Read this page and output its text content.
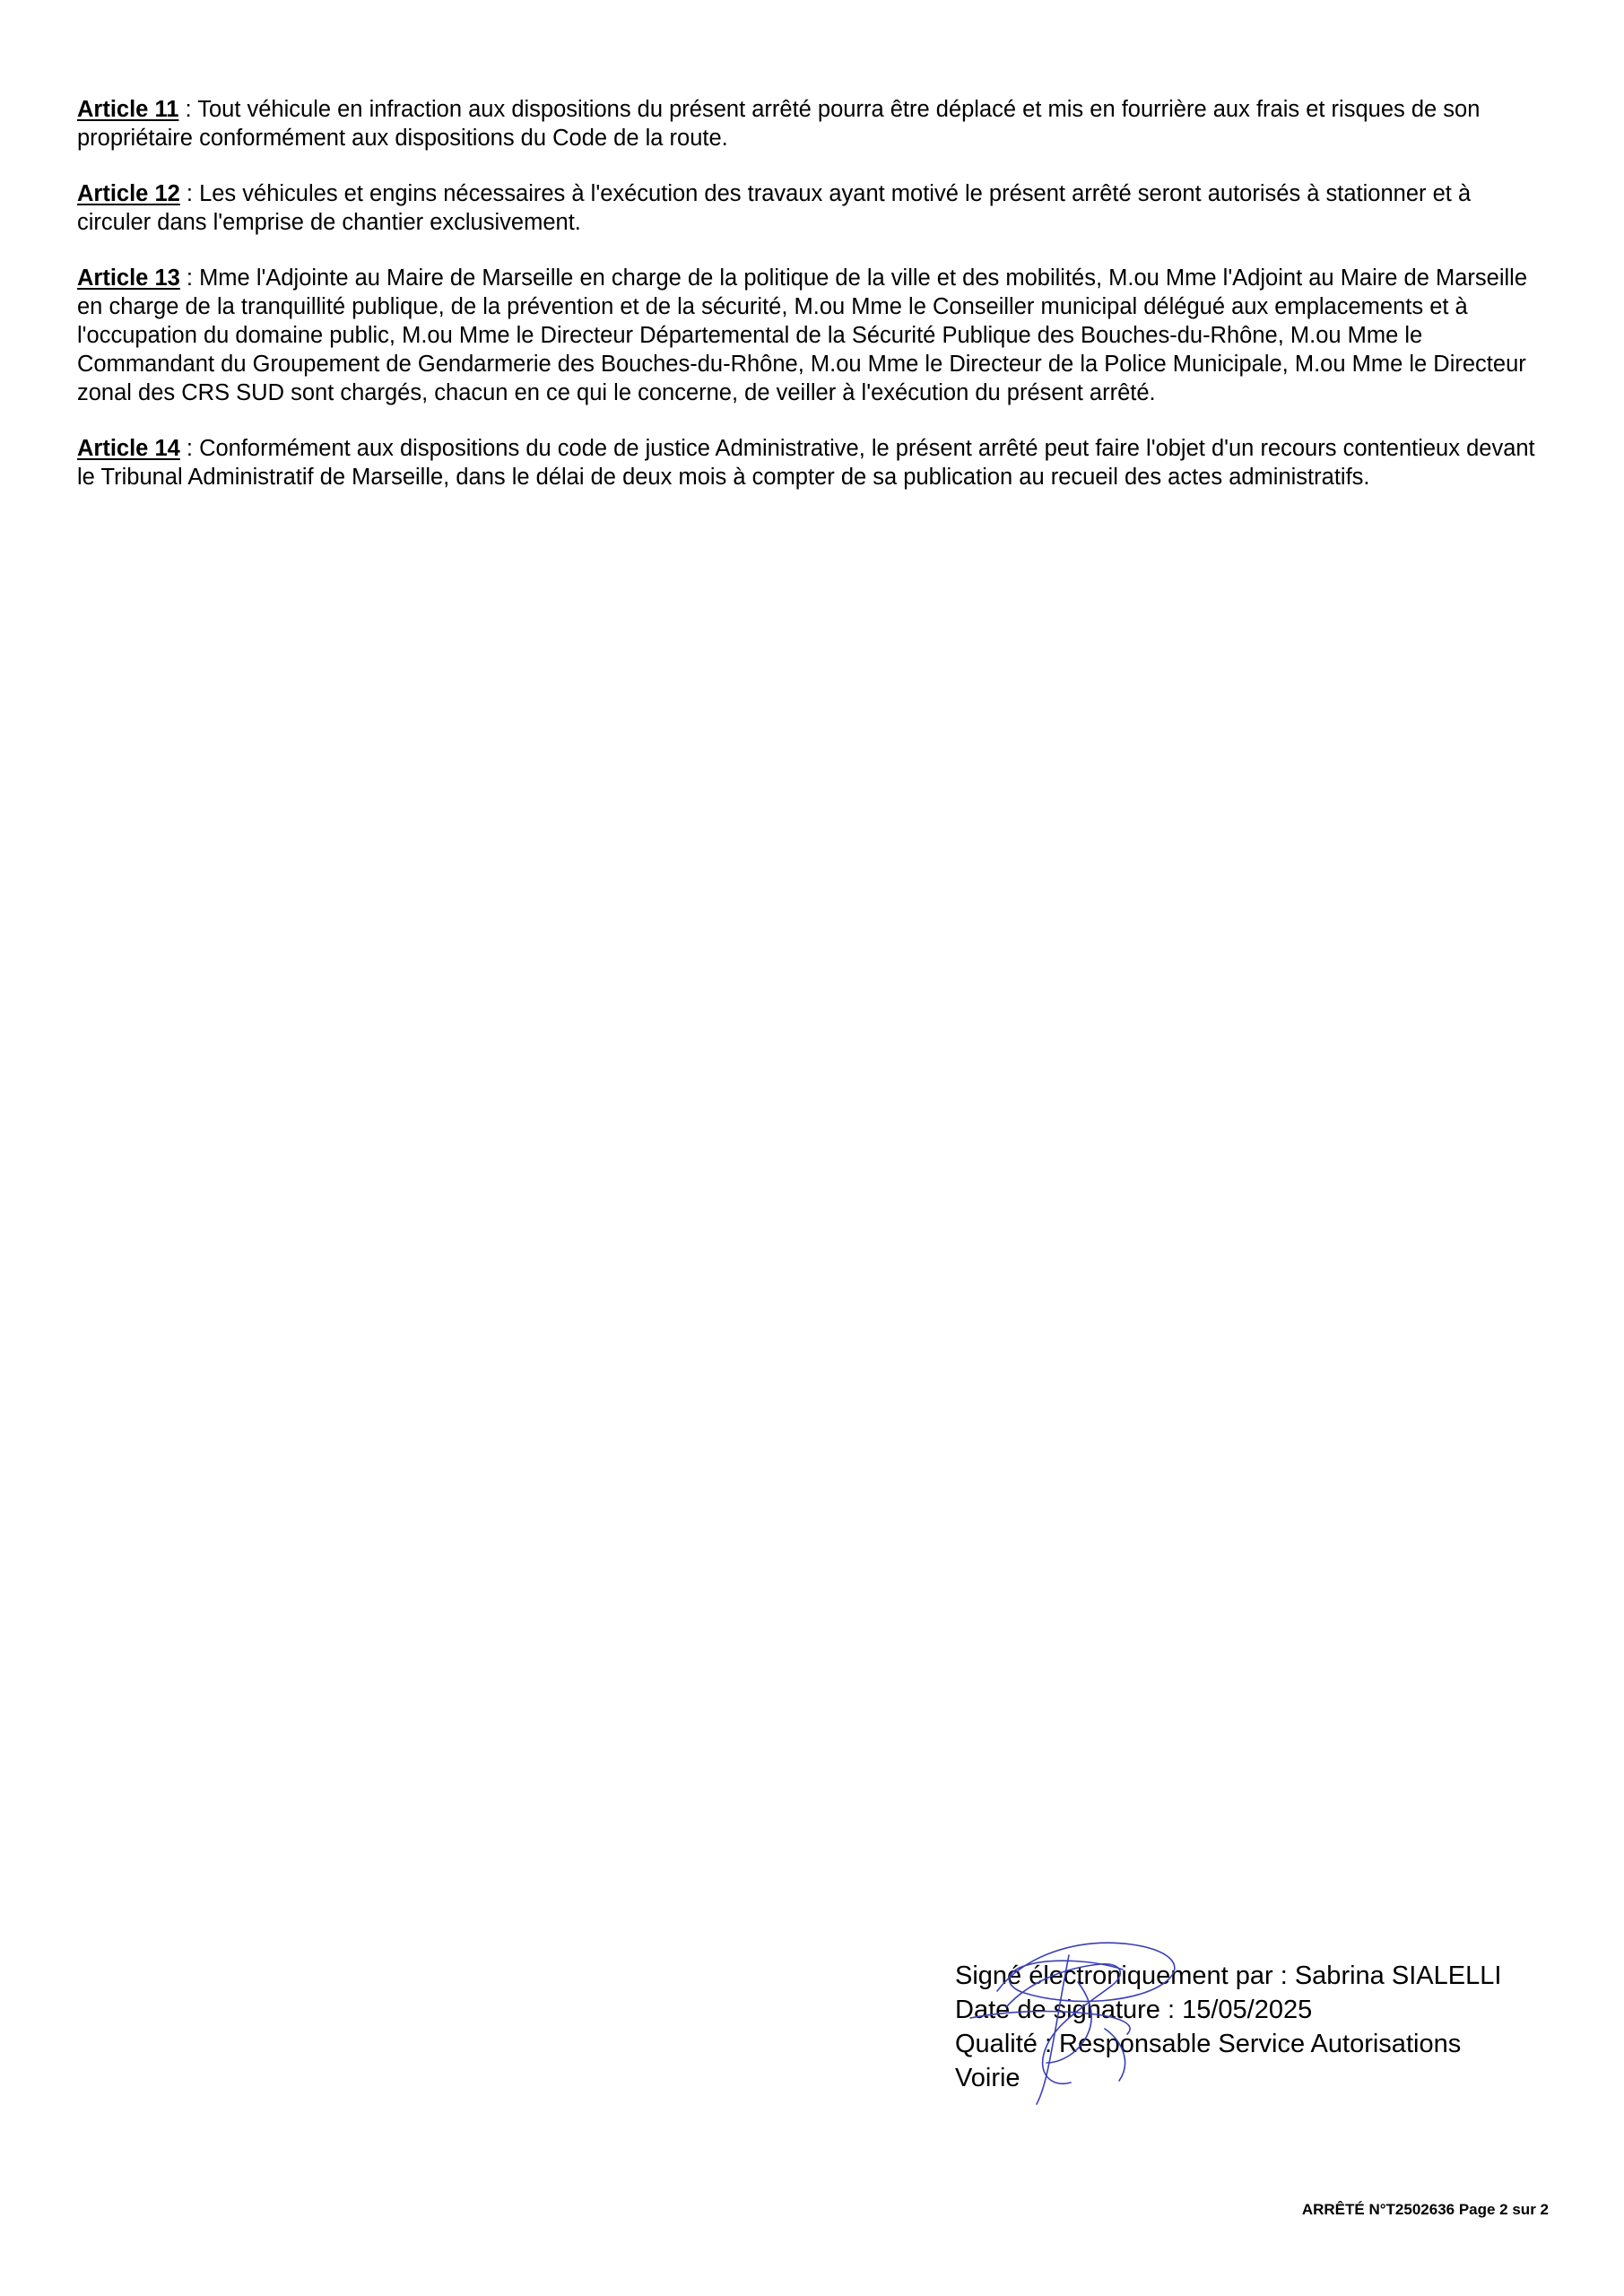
Article 11 : Tout véhicule en infraction aux dispositions du présent arrêté pourra être déplacé et mis en fourrière aux frais et risques de son propriétaire conformément aux dispositions du Code de la route.

Article 12 : Les véhicules et engins nécessaires à l'exécution des travaux ayant motivé le présent arrêté seront autorisés à stationner et à circuler dans l'emprise de chantier exclusivement.

Article 13 : Mme l'Adjointe au Maire de Marseille en charge de la politique de la ville et des mobilités, M.ou Mme l'Adjoint au Maire de Marseille en charge de la tranquillité publique, de la prévention et de la sécurité, M.ou Mme le Conseiller municipal délégué aux emplacements et à l'occupation du domaine public, M.ou Mme le Directeur Départemental de la Sécurité Publique des Bouches-du-Rhône, M.ou Mme le Commandant du Groupement de Gendarmerie des Bouches-du-Rhône, M.ou Mme le Directeur de la Police Municipale, M.ou Mme le Directeur zonal des CRS SUD sont chargés, chacun en ce qui le concerne, de veiller à l'exécution du présent arrêté.

Article 14 : Conformément aux dispositions du code de justice Administrative, le présent arrêté peut faire l'objet d'un recours contentieux devant le Tribunal Administratif de Marseille, dans le délai de deux mois à compter de sa publication au recueil des actes administratifs.

Signé électroniquement par : Sabrina SIALELLI
Date de signature : 15/05/2025
Qualité : Responsable Service Autorisations Voirie
ARRÊTÉ N°T2502636 Page 2 sur 2
